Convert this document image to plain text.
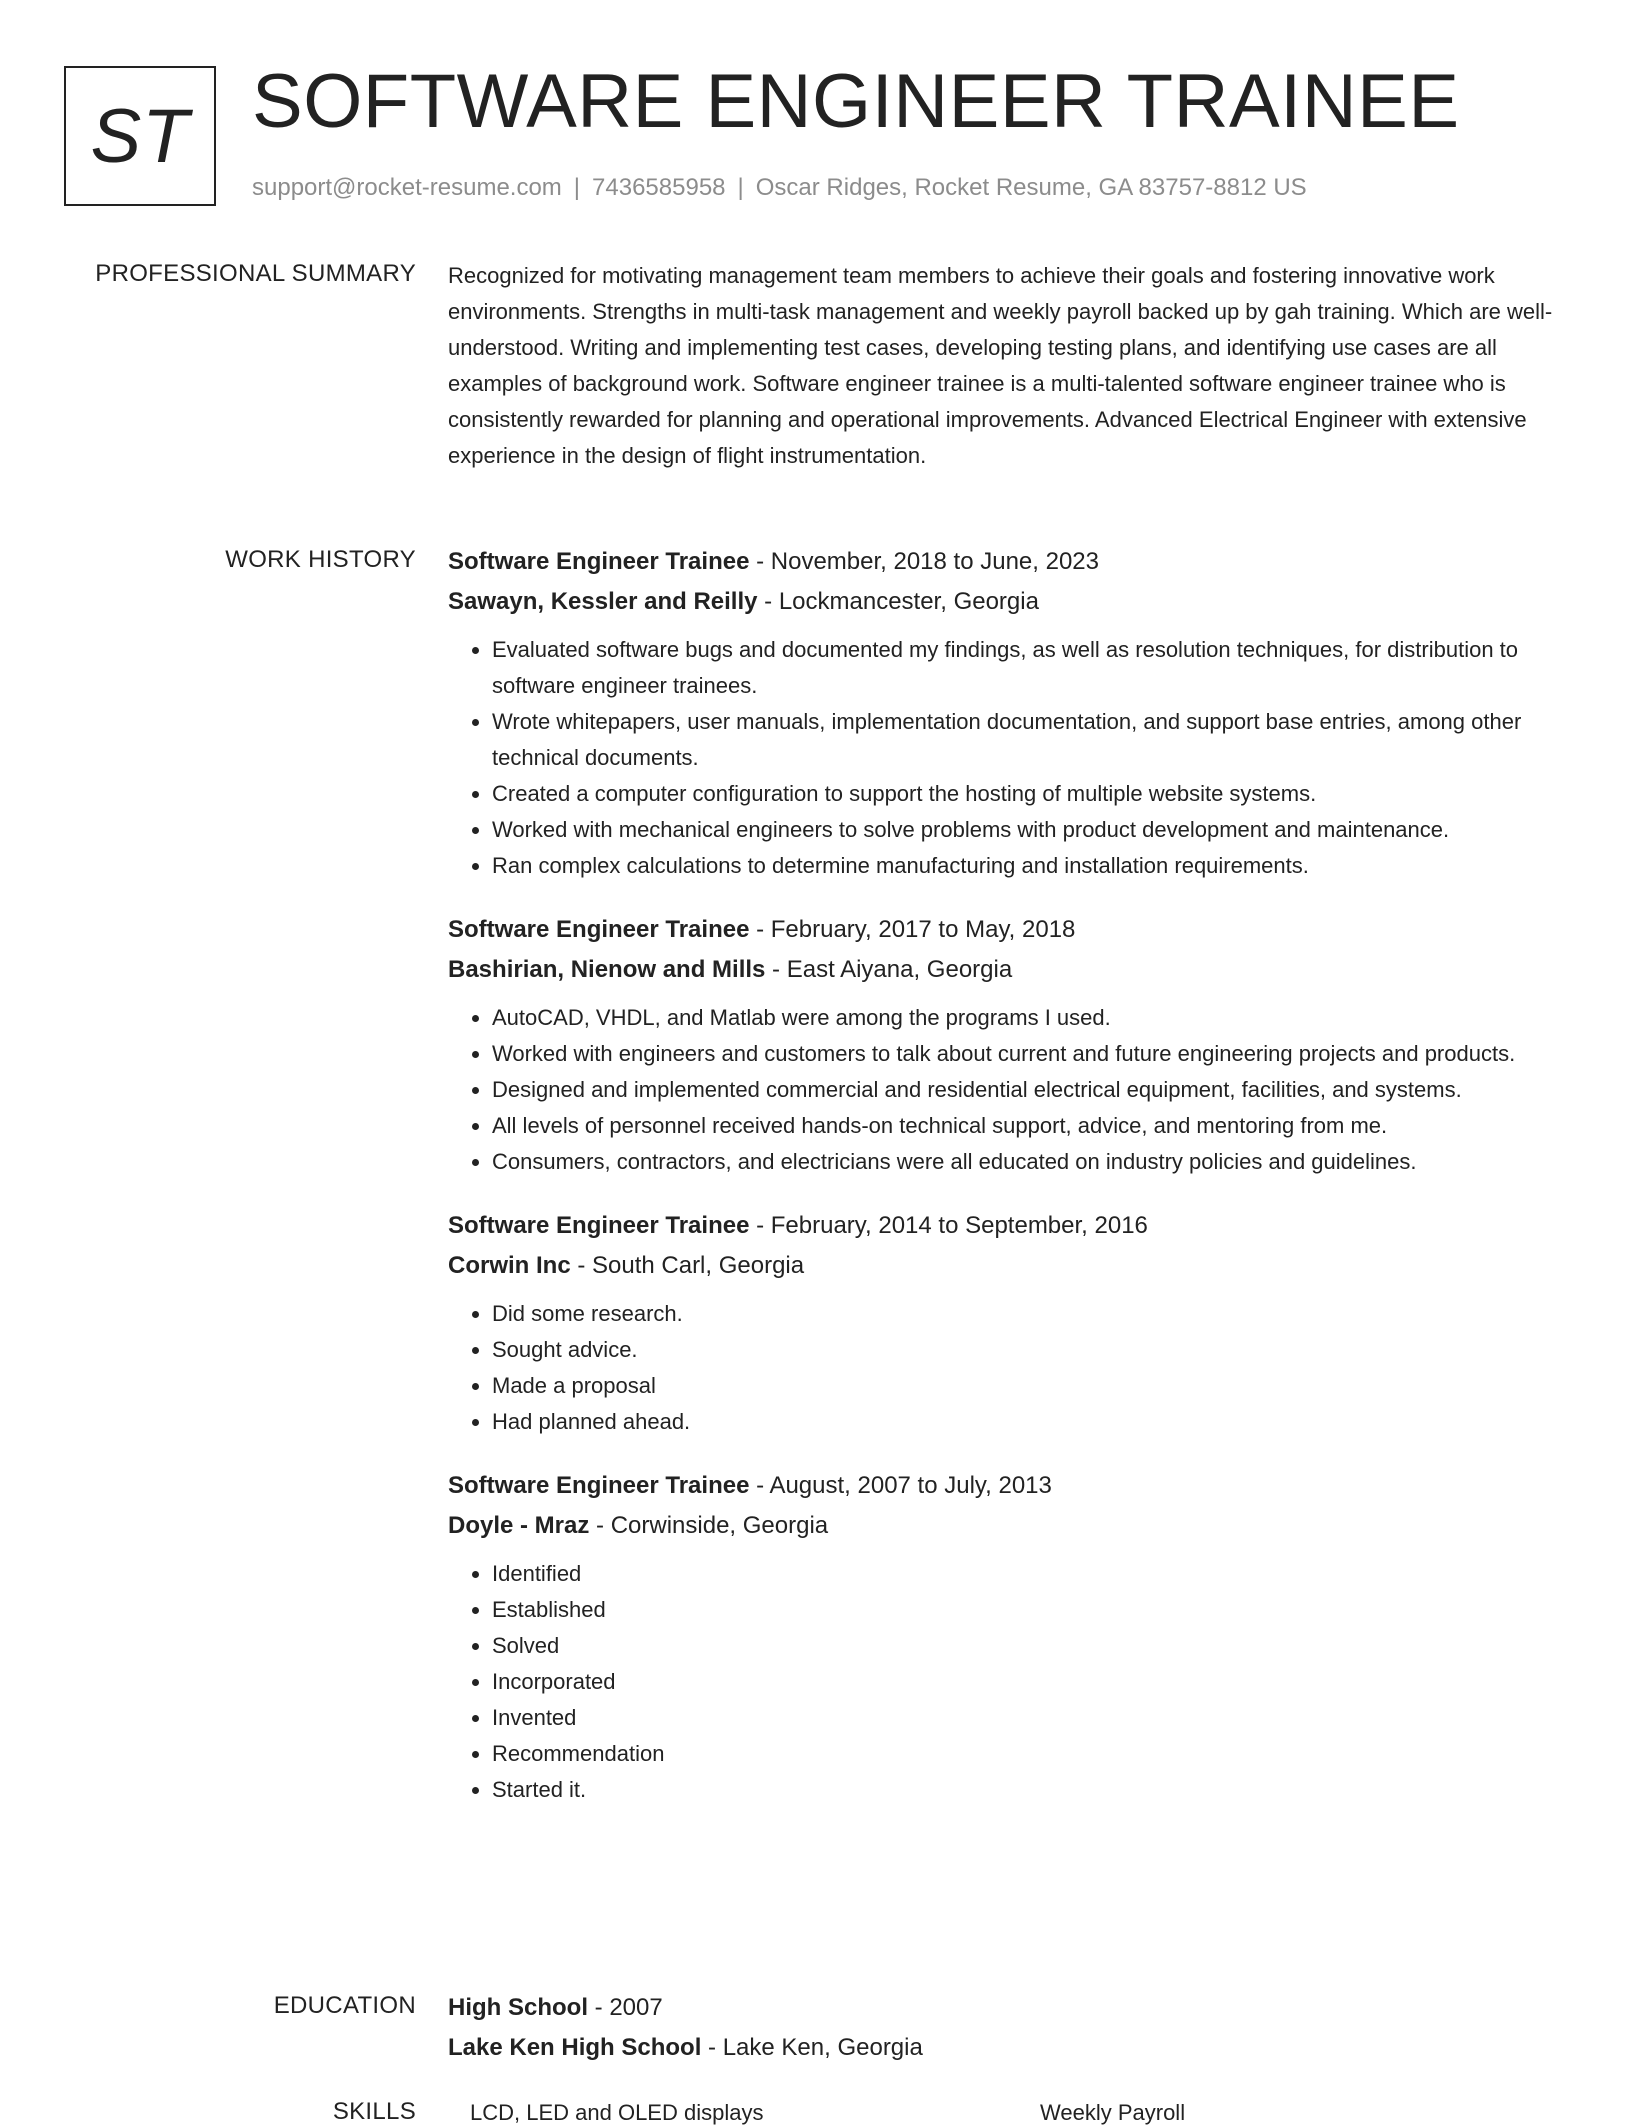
ST SOFTWARE ENGINEER TRAINEE
support@rocket-resume.com | 7436585958 | Oscar Ridges, Rocket Resume, GA 83757-8812 US
PROFESSIONAL SUMMARY Recognized for motivating management team members to achieve their goals and fostering innovative work environments. Strengths in multi-task management and weekly payroll backed up by gah training. Which are well-understood. Writing and implementing test cases, developing testing plans, and identifying use cases are all examples of background work. Software engineer trainee is a multi-talented software engineer trainee who is consistently rewarded for planning and operational improvements. Advanced Electrical Engineer with extensive experience in the design of flight instrumentation.

WORK HISTORY Software Engineer Trainee - November, 2018 to June, 2023
Sawayn, Kessler and Reilly - Lockmancester, Georgia
• Evaluated software bugs and documented my findings, as well as resolution techniques, for distribution to software engineer trainees.
• Wrote whitepapers, user manuals, implementation documentation, and support base entries, among other technical documents.
• Created a computer configuration to support the hosting of multiple website systems.
• Worked with mechanical engineers to solve problems with product development and maintenance.
• Ran complex calculations to determine manufacturing and installation requirements.
Software Engineer Trainee - February, 2017 to May, 2018
Bashirian, Nienow and Mills - East Aiyana, Georgia
• AutoCAD, VHDL, and Matlab were among the programs I used.
• Worked with engineers and customers to talk about current and future engineering projects and products.
• Designed and implemented commercial and residential electrical equipment, facilities, and systems.
• All levels of personnel received hands-on technical support, advice, and mentoring from me.
• Consumers, contractors, and electricians were all educated on industry policies and guidelines.
Software Engineer Trainee - February, 2014 to September, 2016
Corwin Inc - South Carl, Georgia
• Did some research.
• Sought advice.
• Made a proposal
• Had planned ahead.
Software Engineer Trainee - August, 2007 to July, 2013
Doyle - Mraz - Corwinside, Georgia
• Identified
• Established
• Solved
• Incorporated
• Invented
• Recommendation
• Started it.
EDUCATION High School - 2007
Lake Ken High School - Lake Ken, Georgia
SKILLS LCD, LED and OLED displays	Weekly Payroll
